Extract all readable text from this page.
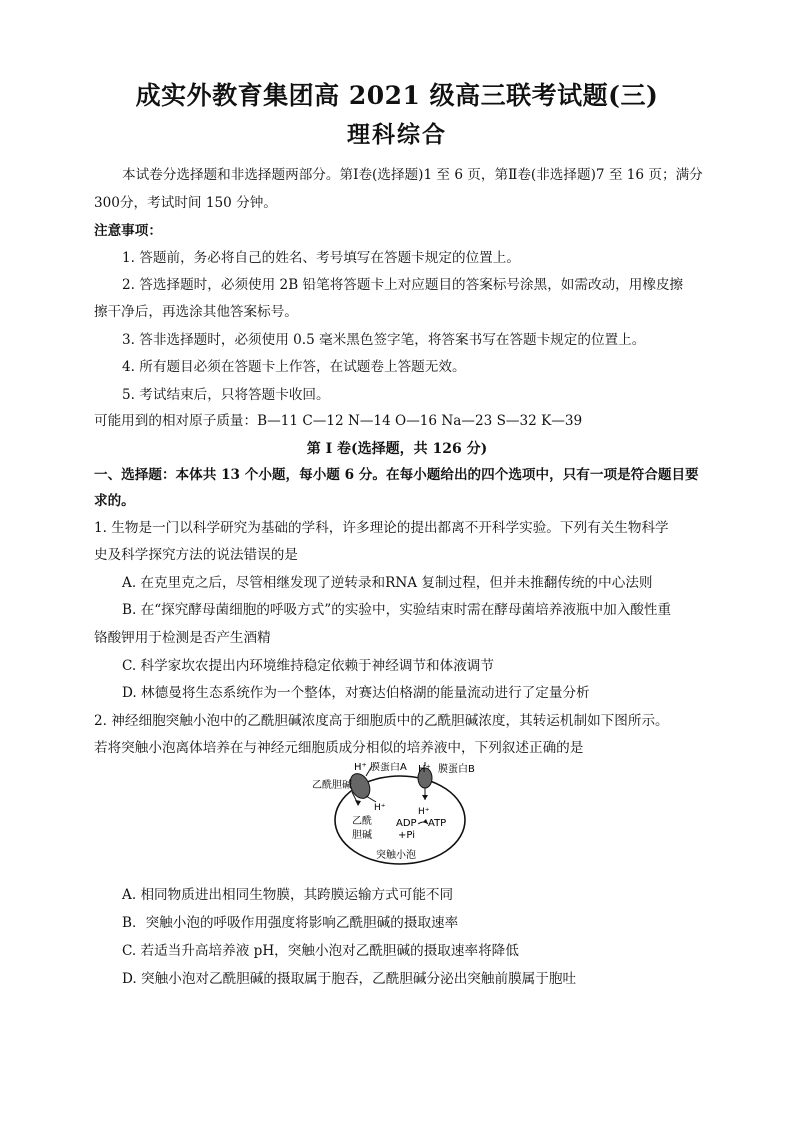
成实外教育集团高 2021 级高三联考试题(三)
理科综合
本试卷分选择题和非选择题两部分。第Ⅰ卷(选择题)1 至 6 页，第Ⅱ卷(非选择题)7 至 16 页；满分
300分，考试时间 150 分钟。
注意事项：
1. 答题前，务必将自己的姓名、考号填写在答题卡规定的位置上。
2. 答选择题时，必须使用 2B 铅笔将答题卡上对应题目的答案标号涂黑，如需改动，用橡皮擦
擦干净后，再选涂其他答案标号。
3. 答非选择题时，必须使用 0.5 毫米黑色签字笔，将答案书写在答题卡规定的位置上。
4. 所有题目必须在答题卡上作答，在试题卷上答题无效。
5. 考试结束后，只将答题卡收回。
可能用到的相对原子质量：B—11 C—12 N—14 O—16 Na—23 S—32 K—39
第 I 卷(选择题，共 126 分)
一、选择题：本体共 13 个小题，每小题 6 分。在每小题给出的四个选项中，只有一项是符合题目要
求的。
1. 生物是一门以科学研究为基础的学科，许多理论的提出都离不开科学实验。下列有关生物科学
史及科学探究方法的说法错误的是
A. 在克里克之后，尽管相继发现了逆转录和RNA 复制过程，但并未推翻传统的中心法则
B. 在“探究酵母菌细胞的呼吸方式”的实验中，实验结束时需在酵母菌培养液瓶中加入酸性重
铬酸钾用于检测是否产生酒精
C. 科学家坎农提出内环境维持稳定依赖于神经调节和体液调节
D. 林德曼将生态系统作为一个整体，对赛达伯格湖的能量流动进行了定量分析
2. 神经细胞突触小泡中的乙酰胆碱浓度高于细胞质中的乙酰胆碱浓度，其转运机制如下图所示。
若将突触小泡离体培养在与神经元细胞质成分相似的培养液中，下列叙述正确的是
H⁺ 膜蛋白A H⁺ 膜蛋白B
乙酰胆碱
H⁺	H⁺
乙酰
胆碱
ADP
+Pi
ATP
突触小泡
A. 相同物质进出相同生物膜，其跨膜运输方式可能不同
B．突触小泡的呼吸作用强度将影响乙酰胆碱的摄取速率
C. 若适当升高培养液 pH，突触小泡对乙酰胆碱的摄取速率将降低
D. 突触小泡对乙酰胆碱的摄取属于胞吞，乙酰胆碱分泌出突触前膜属于胞吐
